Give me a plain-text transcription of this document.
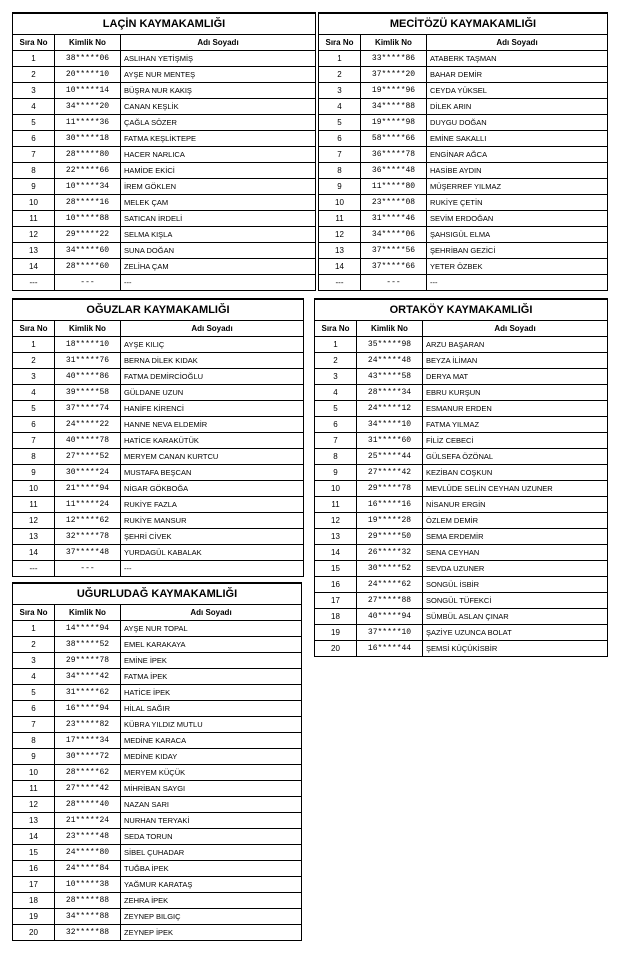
LAÇİN KAYMAKAMLIĞI		
Sıra No	Kimlik No	Adı Soyadı
1	38*****06	ASLIHAN YETİŞMİŞ
2	20*****10	AYŞE NUR MENTEŞ
3	10*****14	BÜŞRA NUR KAKIŞ
4	34*****20	CANAN KEŞLİK
5	11*****36	ÇAĞLA SÖZER
6	30*****18	FATMA KEŞLİKTEPE
7	28*****80	HACER NARLICA
8	22*****66	HAMİDE EKİCİ
9	10*****34	İREM GÖKLEN
10	28*****16	MELEK ÇAM
11	10*****88	SATICAN İRDELİ
12	29*****22	SELMA KIŞLA
13	34*****60	SUNA DOĞAN
14	28*****60	ZELİHA ÇAM
---	---	---
MECİTÖZÜ KAYMAKAMLIĞI		
Sıra No	Kimlik No	Adı Soyadı
1	33*****86	ATABERK TAŞMAN
2	37*****20	BAHAR DEMİR
3	19*****96	CEYDA YÜKSEL
4	34*****88	DİLEK ARIN
5	19*****98	DUYGU DOĞAN
6	58*****66	EMİNE SAKALLI
7	36*****78	ENGİNAR AĞCA
8	36*****48	HASİBE AYDIN
9	11*****80	MÜŞERREF YILMAZ
10	23*****08	RUKİYE ÇETİN
11	31*****46	SEVİM ERDOĞAN
12	34*****06	ŞAHSIGÜL ELMA
13	37*****56	ŞEHRİBAN GEZİCİ
14	37*****66	YETER ÖZBEK
---	---	---
OĞUZLAR KAYMAKAMLIĞI		
Sıra No	Kimlik No	Adı Soyadı
1	18*****10	AYŞE KILIÇ
2	31*****76	BERNA DİLEK KIDAK
3	40*****86	FATMA DEMİRCİOĞLU
4	39*****58	GÜLDANE UZUN
5	37*****74	HANİFE KİRENCİ
6	24*****22	HANNE NEVA ELDEMİR
7	40*****78	HATİCE KARAKÜTÜK
8	27*****52	MERYEM CANAN KURTCU
9	30*****24	MUSTAFA BEŞCAN
10	21*****94	NİGAR GÖKBOĞA
11	11*****24	RUKİYE FAZLA
12	12*****62	RUKİYE MANSUR
13	32*****78	ŞEHRİ CİVEK
14	37*****48	YURDAGÜL KABALAK
---	---	---
ORTAKÖY KAYMAKAMLIĞI		
Sıra No	Kimlik No	Adı Soyadı
1	35*****98	ARZU BAŞARAN
2	24*****48	BEYZA İLİMAN
3	43*****58	DERYA MAT
4	28*****34	EBRU KURŞUN
5	24*****12	ESMANUR ERDEN
6	34*****10	FATMA YILMAZ
7	31*****60	FİLİZ CEBECİ
8	25*****44	GÜLSEFA ÖZÖNAL
9	27*****42	KEZİBAN COŞKUN
10	29*****78	MEVLÜDE SELİN CEYHAN UZUNER
11	16*****16	NİSANUR ERGİN
12	19*****28	ÖZLEM DEMİR
13	29*****50	SEMA ERDEMİR
14	26*****32	SENA CEYHAN
15	30*****52	SEVDA UZUNER
16	24*****62	SONGÜL İSBİR
17	27*****88	SONGÜL TÜFEKCİ
18	40*****94	SÜMBÜL ASLAN ÇINAR
19	37*****10	ŞAZİYE UZUNCA BOLAT
20	16*****44	ŞEMSİ KÜÇÜKİSBİR
UĞURLUDAĞ KAYMAKAMLIĞI		
Sıra No	Kimlik No	Adı Soyadı
1	14*****94	AYŞE NUR TOPAL
2	38*****52	EMEL KARAKAYA
3	29*****78	EMİNE İPEK
4	34*****42	FATMA İPEK
5	31*****62	HATİCE İPEK
6	16*****94	HİLAL SAĞIR
7	23*****82	KÜBRA YILDIZ MUTLU
8	17*****34	MEDİNE KARACA
9	30*****72	MEDİNE KIDAY
10	28*****62	MERYEM KÜÇÜK
11	27*****42	MİHRİBAN SAYGI
12	28*****40	NAZAN SARI
13	21*****24	NURHAN TERYAKİ
14	23*****48	SEDA TORUN
15	24*****80	SİBEL ÇUHADAR
16	24*****84	TUĞBA İPEK
17	10*****38	YAĞMUR KARATAŞ
18	28*****88	ZEHRA İPEK
19	34*****88	ZEYNEP BILGIÇ
20	32*****88	ZEYNEP İPEK
